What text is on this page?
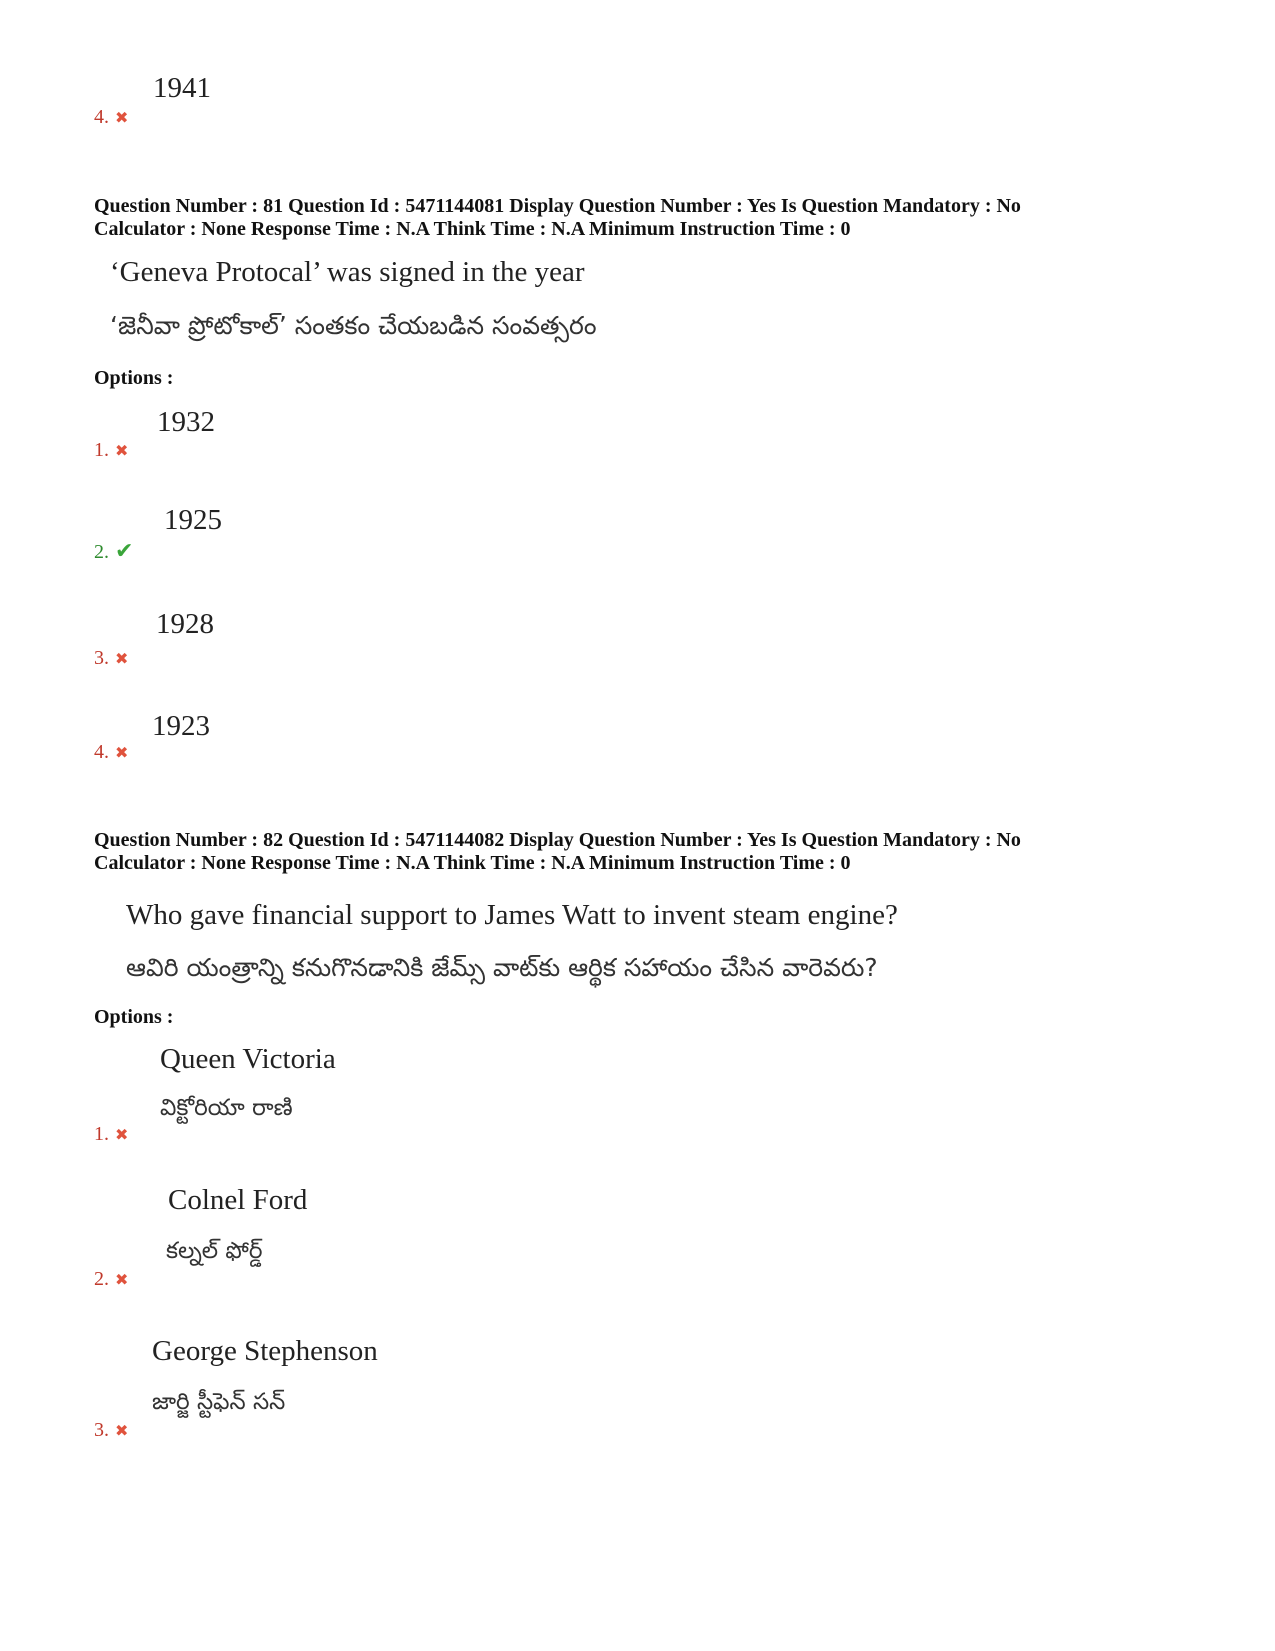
1941
4. ✖
Question Number : 81 Question Id : 5471144081 Display Question Number : Yes Is Question Mandatory : No
Calculator : None Response Time : N.A Think Time : N.A Minimum Instruction Time : 0
‘Geneva Protocal’ was signed in the year
‘జెనీవా ప్రోటోకాల్’ సంతకం చేయబడిన సంవత్సరం
Options :
1932
1. ✖
1925
2. ✔
1928
3. ✖
1923
4. ✖
Question Number : 82 Question Id : 5471144082 Display Question Number : Yes Is Question Mandatory : No
Calculator : None Response Time : N.A Think Time : N.A Minimum Instruction Time : 0
Who gave financial support to James Watt to invent steam engine?
ఆవిరి యంత్రాన్ని కనుగొనడానికి జేమ్స్ వాట్‌కు ఆర్థిక సహాయం చేసిన వారెవరు?
Options :
Queen Victoria
విక్టోరియా రాణి
1. ✖
Colnel Ford
కల్నల్ ఫోర్డ్
2. ✖
George Stephenson
జార్జి స్టీఫెన్ సన్
3. ✖
